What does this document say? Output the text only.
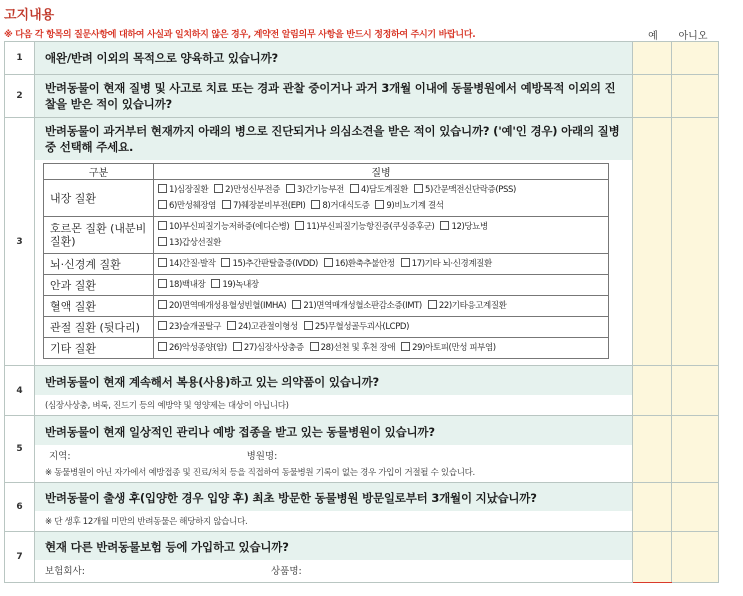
고지내용
※ 다음 각 항목의 질문사항에 대하여 사실과 일치하지 않은 경우, 계약전 알림의무 사항을 반드시 정정하여 주시기 바랍니다.	예	아니오
1	애완/반려 이외의 목적으로 양육하고 있습니까?

2	
반려동물이 현재 질병 및 사고로 치료 또는 경과 관찰 중이거나 과거 3개월 이내에 동물병원에서 예방목적 이외의 진찰을 받은 적이 있습니까?

3	
반려동물이 과거부터 현재까지 아래의 병으로 진단되거나 의심소견을 받은 적이 있습니까? ('예'인 경우) 아래의 질병 중 선택해 주세요.
구분	질병
내장 질환	
1)심장질환 2)만성신부전증 3)간기능부전 4)담도계질환 5)간문맥전신단락증(PSS)
6)만성췌장염 7)췌장분비부전(EPI) 8)거대식도증 9)비뇨기계 결석

호르몬 질환 (내분비 질환)	
10)부신피질기능저하증(에디슨병) 11)부신피질기능항진증(쿠싱증후군) 12)당뇨병
13)갑상선질환

뇌·신경계 질환	14)간질·발작 15)추간판탈출증(IVDD) 16)환축추불안정 17)기타 뇌·신경계질환

안과 질환	18)백내장 19)녹내장

혈액 질환	20)면역매개성용혈성빈혈(IMHA) 21)면역매개성혈소판감소증(IMT) 22)기타응고계질환

관절 질환 (뒷다리)	23)슬개골탈구 24)고관절이형성 25)무혈성골두괴사(LCPD)

기타 질환	26)악성종양(암) 27)심장사상충증 28)선천 및 후천 장애 29)아토피(만성 피부염)

4	
반려동물이 현재 계속해서 복용(사용)하고 있는 의약품이 있습니까?
(심장사상충, 벼룩, 진드기 등의 예방약 및 영양제는 대상이 아닙니다)

5	
반려동물이 현재 일상적인 관리나 예방 접종을 받고 있는 동물병원이 있습니까?
지역:	병원명:
※ 동물병원이 아닌 자가에서 예방접종 및 진료/처치 등을 직접하여 동물병원 기록이 없는 경우 가입이 거절될 수 있습니다.

6	
반려동물이 출생 후(입양한 경우 입양 후) 최초 방문한 동물병원 방문일로부터 3개월이 지났습니까?
※ 단 생후 12개월 미만의 반려동물은 해당하지 않습니다.

7	
현재 다른 반려동물보험 등에 가입하고 있습니까?
보험회사:	상품명:
